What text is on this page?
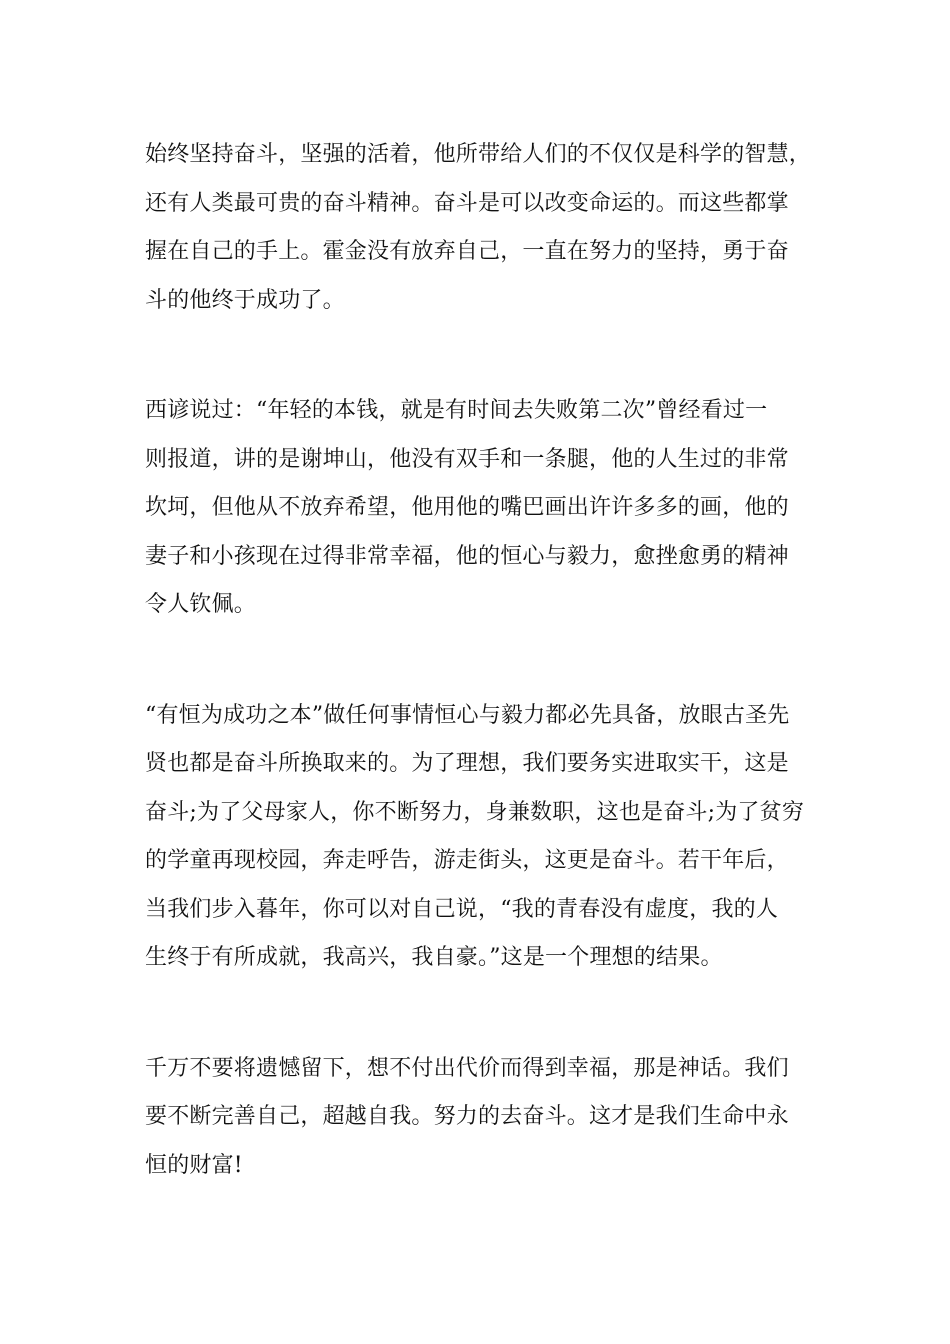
始终坚持奋斗，坚强的活着，他所带给人们的不仅仅是科学的智慧，
还有人类最可贵的奋斗精神。奋斗是可以改变命运的。而这些都掌
握在自己的手上。霍金没有放弃自己，一直在努力的坚持，勇于奋
斗的他终于成功了。
西谚说过：“年轻的本钱，就是有时间去失败第二次”曾经看过一
则报道，讲的是谢坤山，他没有双手和一条腿，他的人生过的非常
坎坷，但他从不放弃希望，他用他的嘴巴画出许许多多的画，他的
妻子和小孩现在过得非常幸福，他的恒心与毅力，愈挫愈勇的精神
令人钦佩。
“有恒为成功之本”做任何事情恒心与毅力都必先具备，放眼古圣先
贤也都是奋斗所换取来的。为了理想，我们要务实进取实干，这是
奋斗;为了父母家人，你不断努力，身兼数职，这也是奋斗;为了贫穷
的学童再现校园，奔走呼告，游走街头，这更是奋斗。若干年后，
当我们步入暮年，你可以对自己说，“我的青春没有虚度，我的人
生终于有所成就，我高兴，我自豪。”这是一个理想的结果。
千万不要将遗憾留下，想不付出代价而得到幸福，那是神话。我们
要不断完善自己，超越自我。努力的去奋斗。这才是我们生命中永
恒的财富!
